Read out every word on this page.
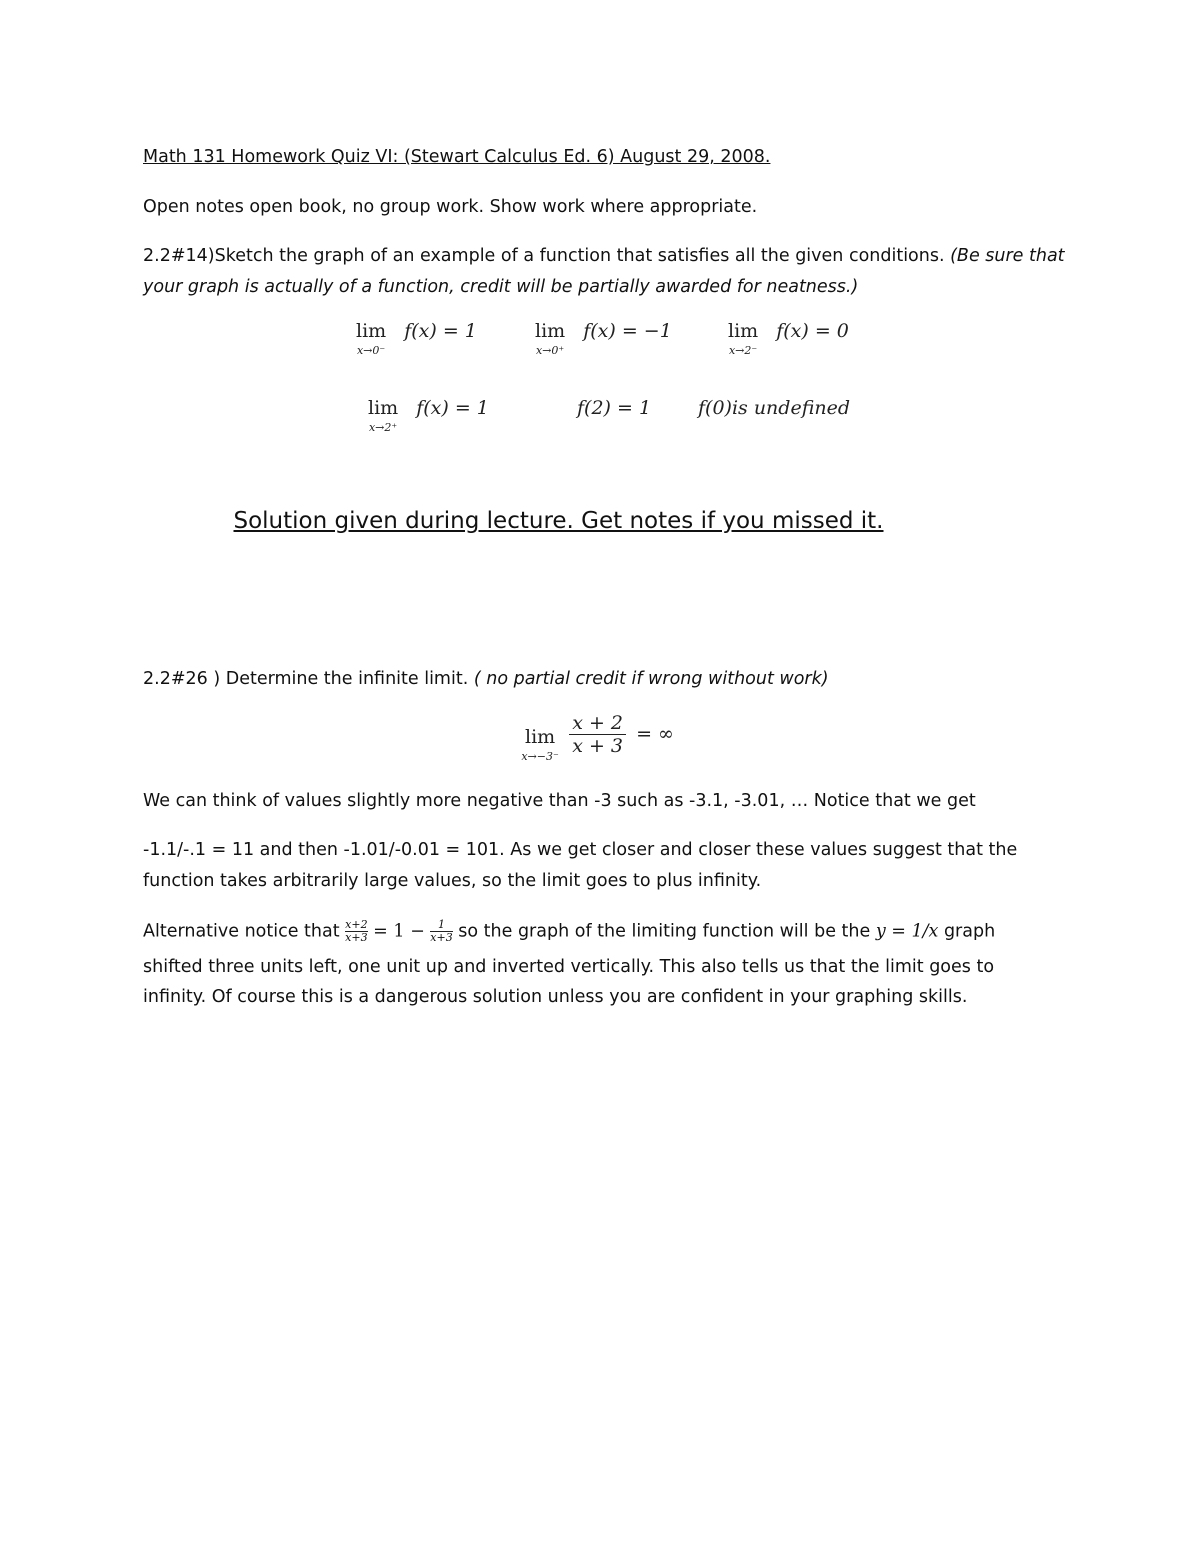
Math 131 Homework Quiz VI: (Stewart Calculus Ed. 6) August 29, 2008.
Open notes open book, no group work. Show work where appropriate.
2.2#14)Sketch the graph of an example of a function that satisfies all the given conditions. (Be sure that
your graph is actually of a function, credit will be partially awarded for neatness.)
lim
x→0⁻
f(x) = 1	lim
x→0⁺
f(x) = −1	lim
x→2⁻
f(x) = 0
lim
x→2⁺
f(x) = 1	f(2) = 1 f(0)is undefined
Solution given during lecture. Get notes if you missed it.
2.2#26 ) Determine the infinite limit. ( no partial credit if wrong without work)
lim
x→−3⁻
$\frac{x + 2}{x + 3}$ = ∞
We can think of values slightly more negative than -3 such as -3.1, -3.01, … Notice that we get
-1.1/-.1 = 11 and then -1.01/-0.01 = 101. As we get closer and closer these values suggest that the
function takes arbitrarily large values, so the limit goes to plus infinity.
Alternative notice that $\frac{x+2}{x+3} = 1 - \frac{1}{x+3}$ so the graph of the limiting function will be the y = 1/x graph
shifted three units left, one unit up and inverted vertically. This also tells us that the limit goes to
infinity. Of course this is a dangerous solution unless you are confident in your graphing skills.
